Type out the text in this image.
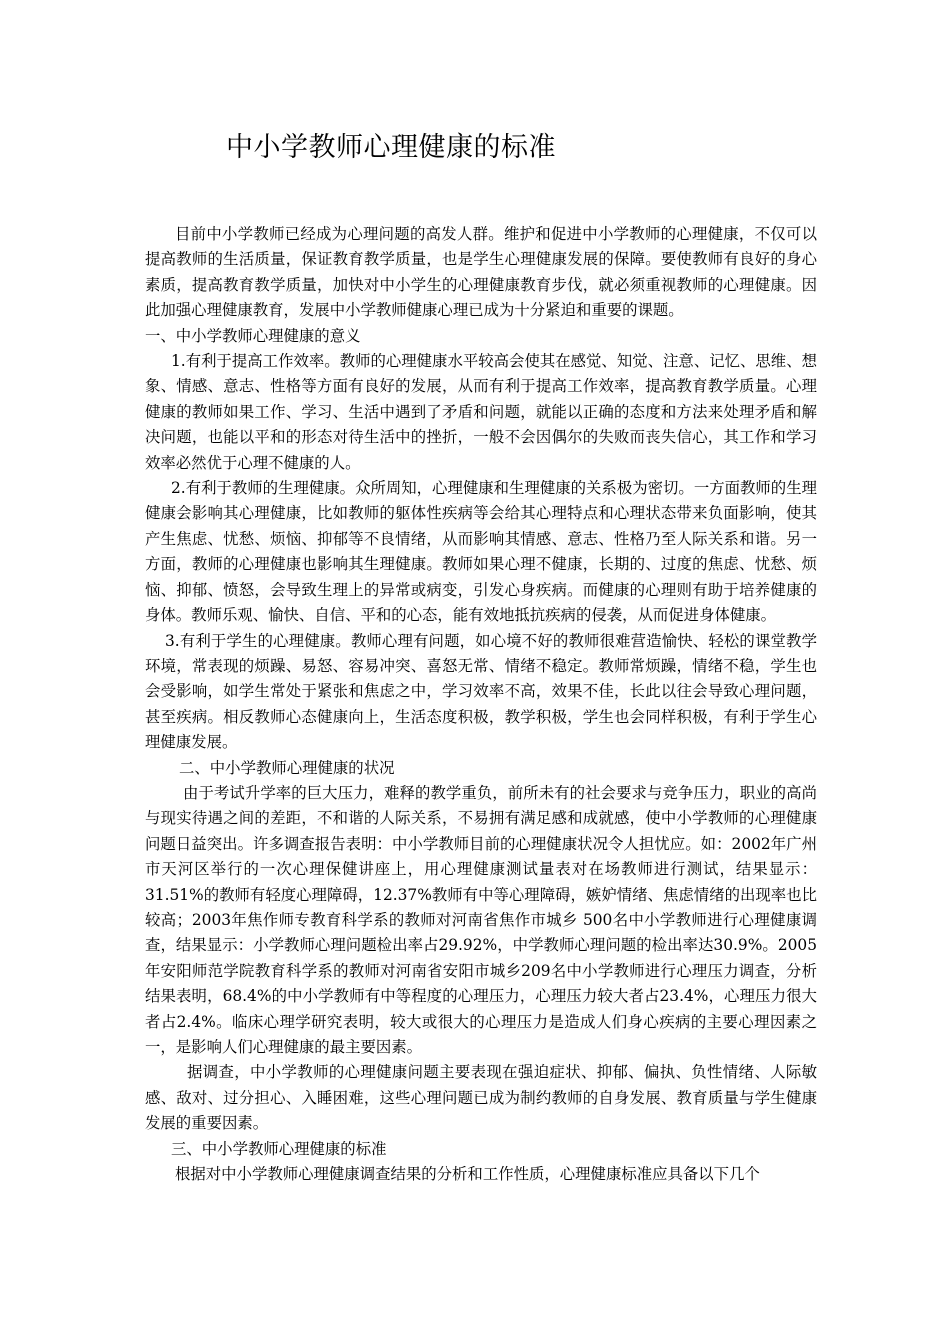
中小学教师心理健康的标准

目前中小学教师已经成为心理问题的高发人群。维护和促进中小学教师的心理健康，不仅可以提高教师的生活质量，保证教育教学质量，也是学生心理健康发展的保障。要使教师有良好的身心素质，提高教育教学质量，加快对中小学生的心理健康教育步伐，就必须重视教师的心理健康。因此加强心理健康教育，发展中小学教师健康心理已成为十分紧迫和重要的课题。

一、中小学教师心理健康的意义

1.有利于提高工作效率。教师的心理健康水平较高会使其在感觉、知觉、注意、记忆、思维、想象、情感、意志、性格等方面有良好的发展，从而有利于提高工作效率，提高教育教学质量。心理健康的教师如果工作、学习、生活中遇到了矛盾和问题，就能以正确的态度和方法来处理矛盾和解决问题，也能以平和的形态对待生活中的挫折，一般不会因偶尔的失败而丧失信心，其工作和学习效率必然优于心理不健康的人。

2.有利于教师的生理健康。众所周知，心理健康和生理健康的关系极为密切。一方面教师的生理健康会影响其心理健康，比如教师的躯体性疾病等会给其心理特点和心理状态带来负面影响，使其产生焦虑、忧愁、烦恼、抑郁等不良情绪，从而影响其情感、意志、性格乃至人际关系和谐。另一方面，教师的心理健康也影响其生理健康。教师如果心理不健康，长期的、过度的焦虑、忧愁、烦恼、抑郁、愤怒，会导致生理上的异常或病变，引发心身疾病。而健康的心理则有助于培养健康的身体。教师乐观、愉快、自信、平和的心态，能有效地抵抗疾病的侵袭，从而促进身体健康。

3.有利于学生的心理健康。教师心理有问题，如心境不好的教师很难营造愉快、轻松的课堂教学环境，常表现的烦躁、易怒、容易冲突、喜怒无常、情绪不稳定。教师常烦躁，情绪不稳，学生也会受影响，如学生常处于紧张和焦虑之中，学习效率不高，效果不佳，长此以往会导致心理问题，甚至疾病。相反教师心态健康向上，生活态度积极，教学积极，学生也会同样积极，有利于学生心理健康发展。

二、中小学教师心理健康的状况

由于考试升学率的巨大压力，难释的教学重负，前所未有的社会要求与竞争压力，职业的高尚与现实待遇之间的差距，不和谐的人际关系，不易拥有满足感和成就感，使中小学教师的心理健康问题日益突出。许多调查报告表明：中小学教师目前的心理健康状况令人担忧应。如：2002年广州市天河区举行的一次心理保健讲座上，用心理健康测试量表对在场教师进行测试，结果显示：31.51%的教师有轻度心理障碍，12.37%教师有中等心理障碍，嫉妒情绪、焦虑情绪的出现率也比较高；2003年焦作师专教育科学系的教师对河南省焦作市城乡 500名中小学教师进行心理健康调查，结果显示：小学教师心理问题检出率占29.92%，中学教师心理问题的检出率达30.9%。2005年安阳师范学院教育科学系的教师对河南省安阳市城乡209名中小学教师进行心理压力调查，分析结果表明，68.4%的中小学教师有中等程度的心理压力，心理压力较大者占23.4%，心理压力很大者占2.4%。临床心理学研究表明，较大或很大的心理压力是造成人们身心疾病的主要心理因素之一，是影响人们心理健康的最主要因素。

据调查，中小学教师的心理健康问题主要表现在强迫症状、抑郁、偏执、负性情绪、人际敏感、敌对、过分担心、入睡困难，这些心理问题已成为制约教师的自身发展、教育质量与学生健康发展的重要因素。

三、中小学教师心理健康的标准

根据对中小学教师心理健康调查结果的分析和工作性质，心理健康标准应具备以下几个
